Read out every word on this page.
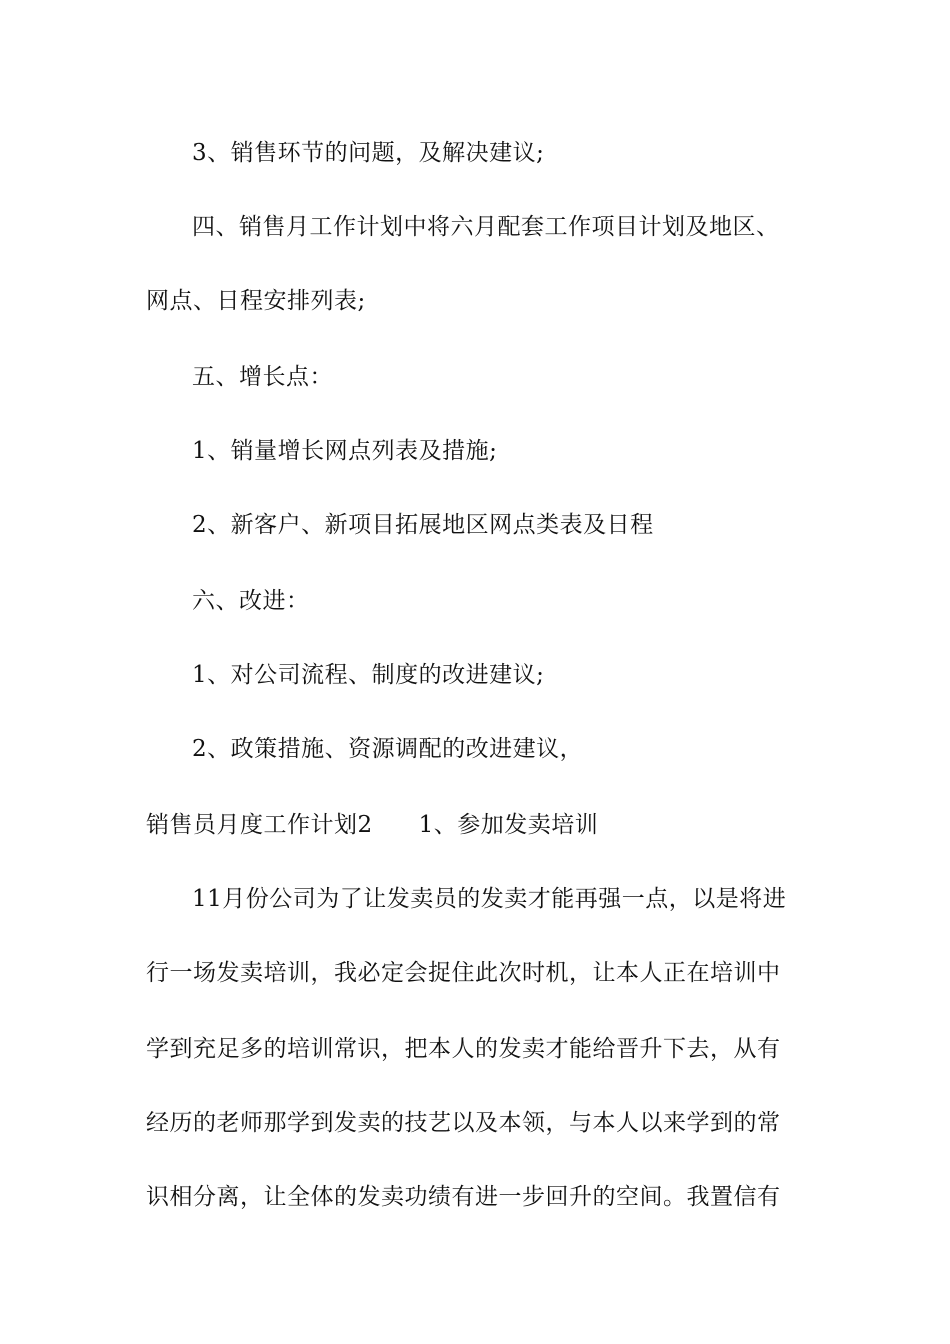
3、销售环节的问题，及解决建议;
四、销售月工作计划中将六月配套工作项目计划及地区、
网点、日程安排列表;
五、增长点：
1、销量增长网点列表及措施;
2、新客户、新项目拓展地区网点类表及日程
六、改进：
1、对公司流程、制度的改进建议;
2、政策措施、资源调配的改进建议，
销售员月度工作计划2 1、参加发卖培训
11月份公司为了让发卖员的发卖才能再强一点，以是将进
行一场发卖培训，我必定会捉住此次时机，让本人正在培训中
学到充足多的培训常识，把本人的发卖才能给晋升下去，从有
经历的老师那学到发卖的技艺以及本领，与本人以来学到的常
识相分离，让全体的发卖功绩有进一步回升的空间。我置信有
